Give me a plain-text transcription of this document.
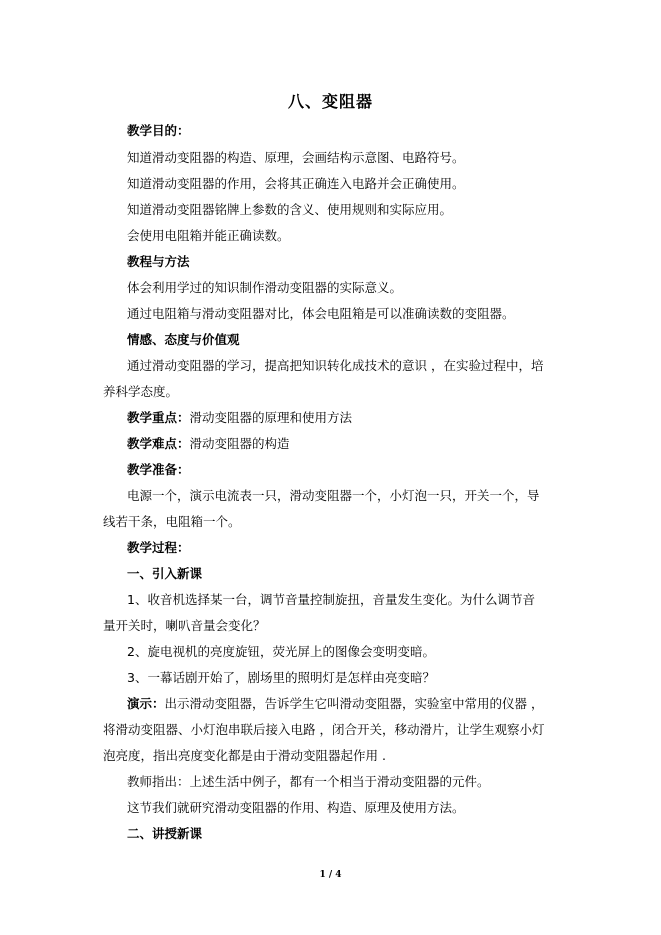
八、变阻器
教学目的：
知道滑动变阻器的构造、原理，会画结构示意图、电路符号。
知道滑动变阻器的作用，会将其正确连入电路并会正确使用。
知道滑动变阻器铭牌上参数的含义、使用规则和实际应用。
会使用电阻箱并能正确读数。
教程与方法
体会利用学过的知识制作滑动变阻器的实际意义。
通过电阻箱与滑动变阻器对比，体会电阻箱是可以准确读数的变阻器。
情感、态度与价值观
通过滑动变阻器的学习，提高把知识转化成技术的意识 ，在实验过程中，培
养科学态度。
教学重点：滑动变阻器的原理和使用方法
教学难点：滑动变阻器的构造
教学准备：
电源一个，演示电流表一只，滑动变阻器一个，小灯泡一只，开关一个，导
线若干条，电阻箱一个。
教学过程：
一、引入新课
1、收音机选择某一台，调节音量控制旋扭，音量发生变化。为什么调节音
量开关时，喇叭音量会变化？
2、旋电视机的亮度旋钮，荧光屏上的图像会变明变暗。
3、一幕话剧开始了，剧场里的照明灯是怎样由亮变暗？
演示：出示滑动变阻器，告诉学生它叫滑动变阻器，实验室中常用的仪器 ，
将滑动变阻器、小灯泡串联后接入电路 ，闭合开关，移动滑片，让学生观察小灯
泡亮度，指出亮度变化都是由于滑动变阻器起作用 .
教师指出：上述生活中例子，都有一个相当于滑动变阻器的元件。
这节我们就研究滑动变阻器的作用、构造、原理及使用方法。
二、讲授新课
1 / 4
